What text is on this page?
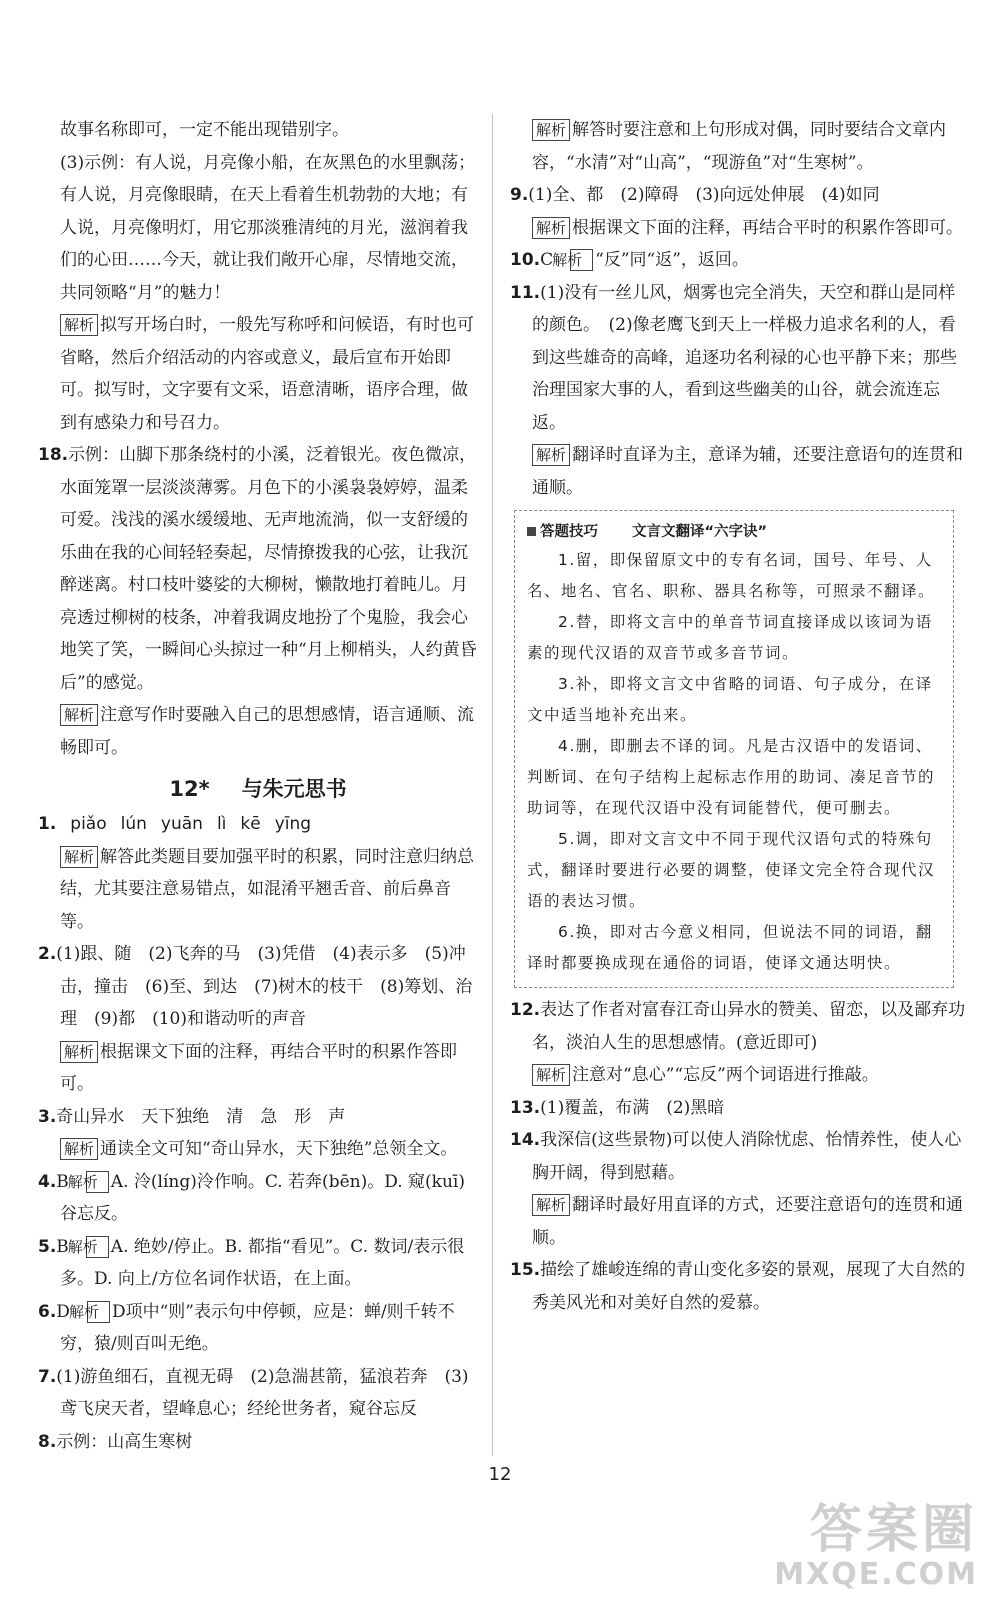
故事名称即可，一定不能出现错别字。

(3)示例：有人说，月亮像小船，在灰黑色的水里飘荡；有人说，月亮像眼睛，在天上看着生机勃勃的大地；有人说，月亮像明灯，用它那淡雅清纯的月光，滋润着我们的心田……今天，就让我们敞开心扉，尽情地交流，共同领略“月”的魅力！

解析 拟写开场白时，一般先写称呼和问候语，有时也可省略，然后介绍活动的内容或意义，最后宣布开始即可。拟写时，文字要有文采，语意清晰，语序合理，做到有感染力和号召力。

18.示例：山脚下那条绕村的小溪，泛着银光。夜色微凉，水面笼罩一层淡淡薄雾。月色下的小溪袅袅婷婷，温柔可爱。浅浅的溪水缓缓地、无声地流淌，似一支舒缓的乐曲在我的心间轻轻奏起，尽情撩拨我的心弦，让我沉醉迷离。村口枝叶婆娑的大柳树，懒散地打着盹儿。月亮透过柳树的枝条，冲着我调皮地扮了个鬼脸，我会心地笑了笑，一瞬间心头掠过一种“月上柳梢头，人约黄昏后”的感觉。

解析 注意写作时要融入自己的思想感情，语言通顺、流畅即可。

12* 与朱元思书

1. piǎo lún yuān lì kē yīng

解析 解答此类题目要加强平时的积累，同时注意归纳总结，尤其要注意易错点，如混淆平翘舌音、前后鼻音等。

2.(1)跟、随　(2)飞奔的马　(3)凭借　(4)表示多　(5)冲击，撞击　(6)至、到达　(7)树木的枝干　(8)筹划、治理　(9)都　(10)和谐动听的声音

解析 根据课文下面的注释，再结合平时的积累作答即可。

3.奇山异水　天下独绝　清　急　形　声

解析 通读全文可知“奇山异水，天下独绝”总领全文。

4.B　解析 A. 泠(líng)泠作响。C. 若奔(bēn)。D. 窥(kuī)谷忘反。

5.B　解析 A. 绝妙/停止。B. 都指“看见”。C. 数词/表示很多。D. 向上/方位名词作状语，在上面。

6.D　解析 D项中“则”表示句中停顿，应是：蝉/则千转不穷，猿/则百叫无绝。

7.(1)游鱼细石，直视无碍　(2)急湍甚箭，猛浪若奔　(3)鸢飞戾天者，望峰息心；经纶世务者，窥谷忘反

8.示例：山高生寒树

解析 解答时要注意和上句形成对偶，同时要结合文章内容，“水清”对“山高”，“现游鱼”对“生寒树”。

9.(1)全、都　(2)障碍　(3)向远处伸展　(4)如同

解析 根据课文下面的注释，再结合平时的积累作答即可。

10.C　解析 “反”同“返”，返回。

11.(1)没有一丝儿风，烟雾也完全消失，天空和群山是同样的颜色。　(2)像老鹰飞到天上一样极力追求名利的人，看到这些雄奇的高峰，追逐功名利禄的心也平静下来；那些治理国家大事的人，看到这些幽美的山谷，就会流连忘返。

解析 翻译时直译为主，意译为辅，还要注意语句的连贯和通顺。

答题技巧 文言文翻译“六字诀”

1.留，即保留原文中的专有名词，国号、年号、人名、地名、官名、职称、器具名称等，可照录不翻译。

2.替，即将文言中的单音节词直接译成以该词为语素的现代汉语的双音节或多音节词。

3.补，即将文言文中省略的词语、句子成分，在译文中适当地补充出来。

4.删，即删去不译的词。凡是古汉语中的发语词、判断词、在句子结构上起标志作用的助词、凑足音节的助词等，在现代汉语中没有词能替代，便可删去。

5.调，即对文言文中不同于现代汉语句式的特殊句式，翻译时要进行必要的调整，使译文完全符合现代汉语的表达习惯。

6.换，即对古今意义相同，但说法不同的词语，翻译时都要换成现在通俗的词语，使译文通达明快。

12.表达了作者对富春江奇山异水的赞美、留恋，以及鄙弃功名，淡泊人生的思想感情。(意近即可)

解析 注意对“息心”“忘反”两个词语进行推敲。

13.(1)覆盖，布满　(2)黑暗

14.我深信(这些景物)可以使人消除忧虑、怡情养性，使人心胸开阔，得到慰藉。

解析 翻译时最好用直译的方式，还要注意语句的连贯和通顺。

15.描绘了雄峻连绵的青山变化多姿的景观，展现了大自然的秀美风光和对美好自然的爱慕。

12
答案圈
MXQE.COM
